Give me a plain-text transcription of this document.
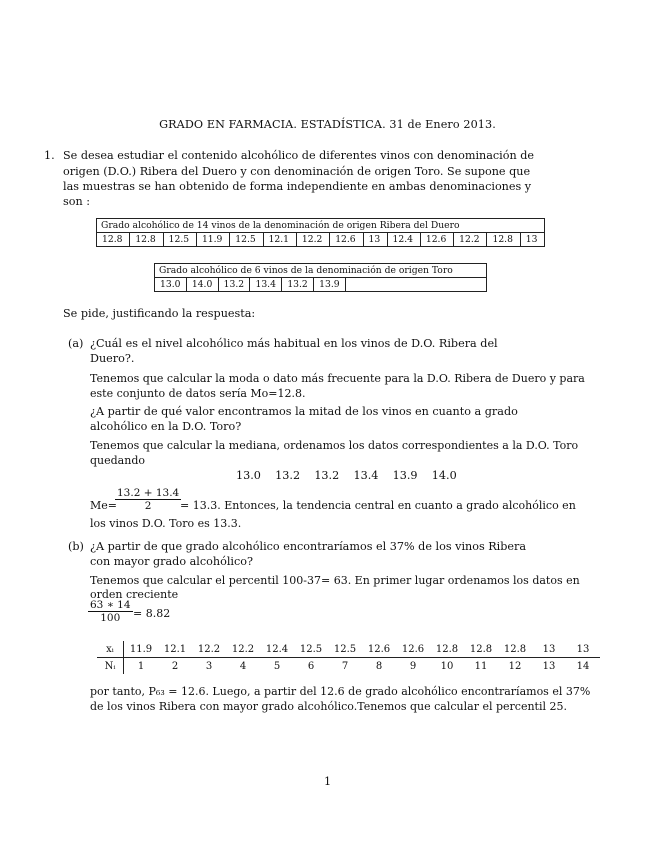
GRADO EN FARMACIA. ESTADÍSTICA. 31 de Enero 2013.
1. Se desea estudiar el contenido alcohólico de diferentes vinos con denominación de
origen (D.O.) Ribera del Duero y con denominación de origen Toro. Se supone que
las muestras se han obtenido de forma independiente en ambas denominaciones y
son :
Grado alcohólico de 14 vinos de la denominación de origen Ribera del Duero
12.8	12.8	12.5	11.9	12.5	12.1	12.2	12.6	13	12.4	12.6	12.2	12.8	13
Grado alcohólico de 6 vinos de la denominación de origen Toro
13.0	14.0	13.2	13.4	13.2	13.9	
Se pide, justificando la respuesta:
(a) ¿Cuál es el nivel alcohólico más habitual en los vinos de D.O. Ribera del
Duero?.
Tenemos que calcular la moda o dato más frecuente para la D.O. Ribera de Duero y para
este conjunto de datos sería Mo=12.8.
¿A partir de qué valor encontramos la mitad de los vinos en cuanto a grado
alcohólico en la D.O. Toro?
Tenemos que calcular la mediana, ordenamos los datos correspondientes a la D.O. Toro
quedando
13.0 13.2 13.2 13.4 13.9 14.0
Me=
$\frac{13.2 + 13.4}{2}$
= 13.3. Entonces, la tendencia central en cuanto a grado alcohólico en
los vinos D.O. Toro es 13.3.
(b) ¿A partir de que grado alcohólico encontraríamos el 37% de los vinos Ribera
con mayor grado alcohólico?
Tenemos que calcular el percentil 100-37= 63. En primer lugar ordenamos los datos en
orden creciente
$\frac{63 ∗ 14}{100} = 8.82$
xᵢ	11.9	12.1	12.2	12.2	12.4	12.5	12.5	12.6	12.6	12.8	12.8	12.8	13	13
Nᵢ	1	2	3	4	5	6	7	8	9	10	11	12	13	14
por tanto, P₆₃ = 12.6. Luego, a partir del 12.6 de grado alcohólico encontraríamos el 37%
de los vinos Ribera con mayor grado alcohólico.Tenemos que calcular el percentil 25.
1
